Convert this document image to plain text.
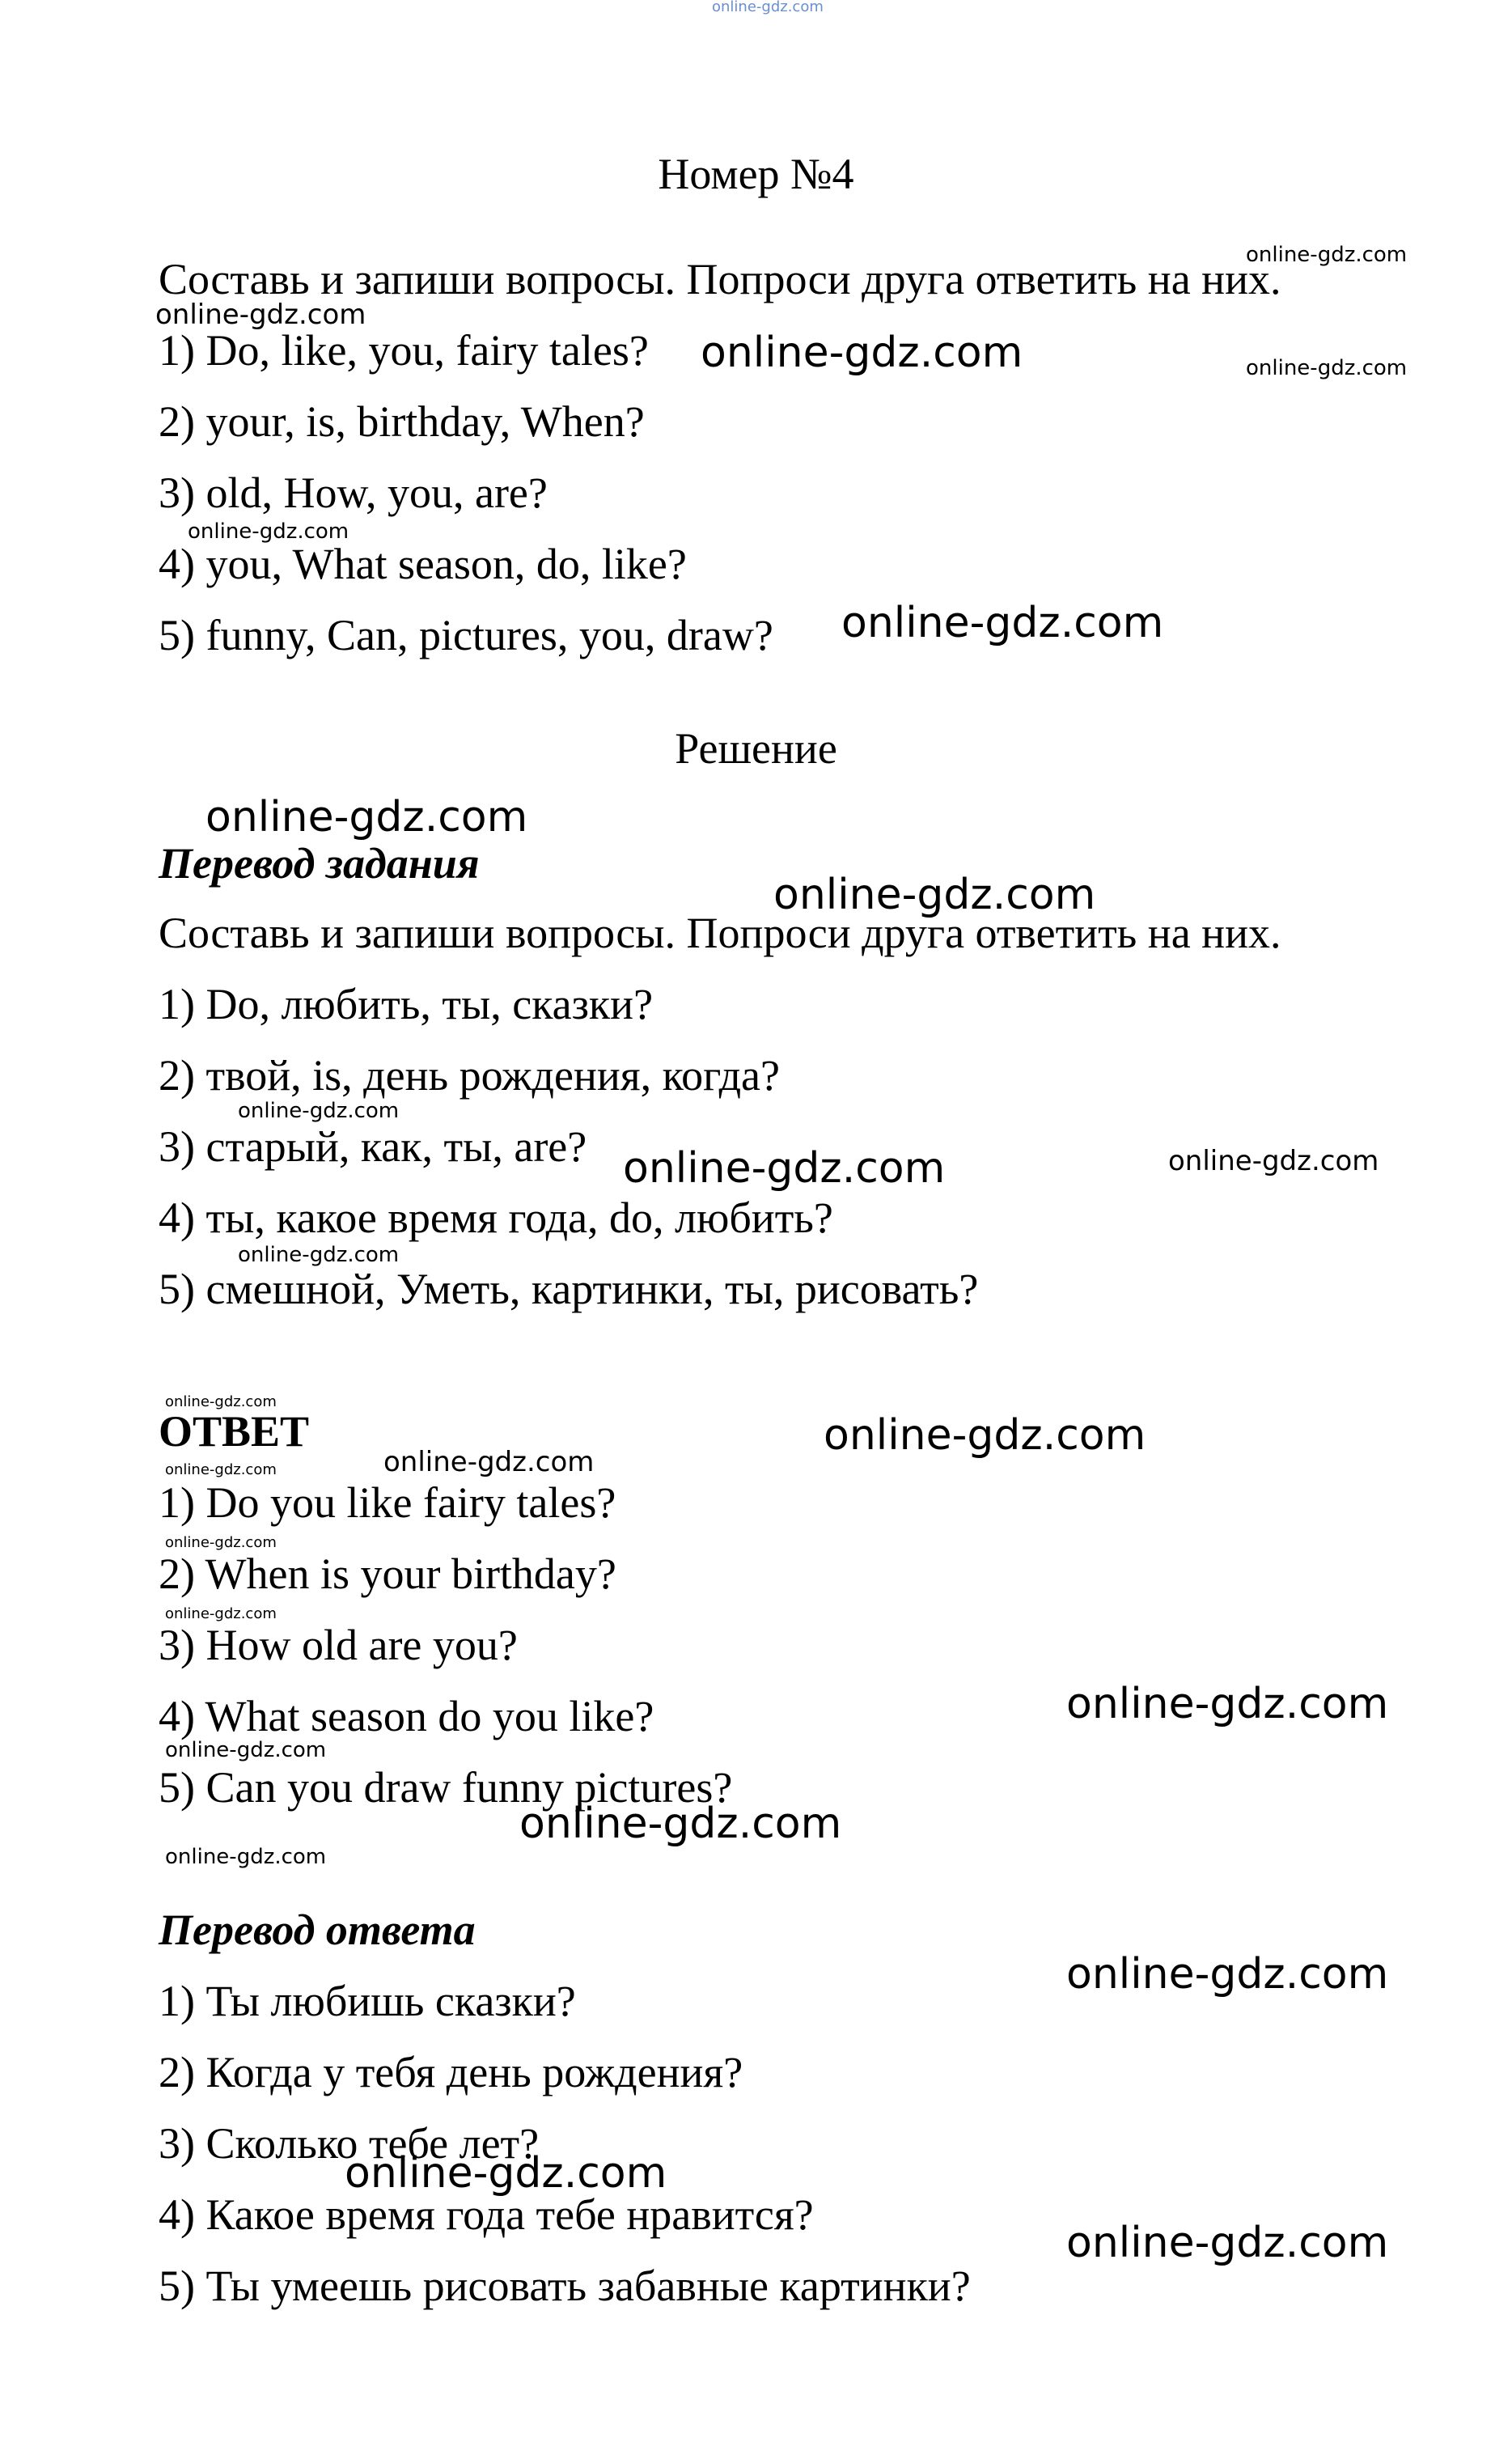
online-gdz.com
Номер №4
Составь и запиши вопросы. Попроси друга ответить на них.
1) Do, like, you, fairy tales?
2) your, is, birthday, When?
3) old, How, you, are?
4) you, What season, do, like?
5) funny, Can, pictures, you, draw?
Решение
Перевод задания
Составь и запиши вопросы. Попроси друга ответить на них.
1) Do, любить, ты, сказки?
2) твой, is, день рождения, когда?
3) старый, как, ты, are?
4) ты, какое время года, do, любить?
5) смешной, Уметь, картинки, ты, рисовать?
ОТВЕТ
1) Do you like fairy tales?
2) When is your birthday?
3) How old are you?
4) What season do you like?
5) Can you draw funny pictures?
Перевод ответа
1) Ты любишь сказки?
2) Когда у тебя день рождения?
3) Сколько тебе лет?
4) Какое время года тебе нравится?
5) Ты умеешь рисовать забавные картинки?
online-gdz.com
online-gdz.com
online-gdz.com	online-gdz.com
online-gdz.com
online-gdz.com
online-gdz.com
online-gdz.com
online-gdz.com
online-gdz.com	online-gdz.com
online-gdz.com
online-gdz.com
online-gdz.com
online-gdz.com
online-gdz.com
online-gdz.com
online-gdz.com
online-gdz.com
online-gdz.com
online-gdz.com
online-gdz.com
online-gdz.com
online-gdz.com
online-gdz.com
